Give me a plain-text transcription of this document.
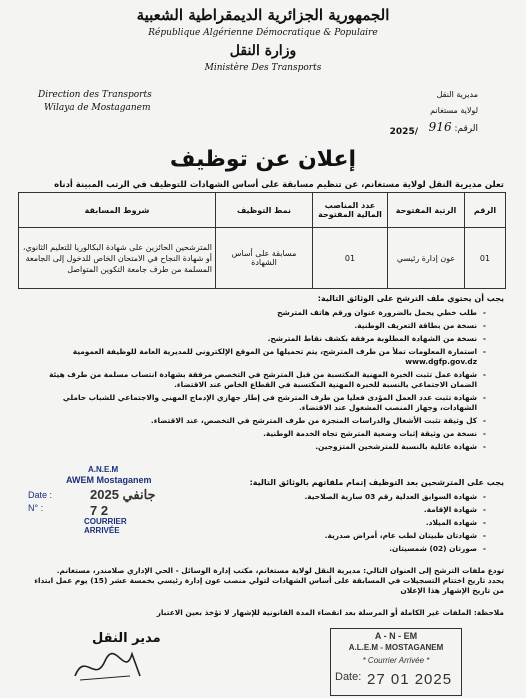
الجمهورية الجزائرية الديمقراطية الشعبية
République Algérienne Démocratique & Populaire
وزارة النقل
Ministère Des Transports
Direction des Transports
Wilaya de Mostaganem
مديرية النقل
لولاية مستغانم
الرقم: 916
2025/
إعلان عن توظيف
تعلن مديرية النقل لولاية مستغانم، عن تنظيم مسابقة على أساس الشهادات للتوظيف في الرتب المبينة أدناه
الرقم	الرتبة المفتوحة	عدد المناصب المالية المفتوحة	نمط التوظيف	شروط المسابقة
01	عون إدارة رئيسي	01	مسابقة على أساس الشهادة	المترشحين الحائزين على شهادة البكالوريا للتعليم الثانوي، أو شهادة النجاح في الامتحان الخاص للدخول إلى الجامعة المسلمة من طرف جامعة التكوين المتواصل
يجب أن يحتوي ملف الترشح على الوثائق التالية:
- طلب خطي يحمل بالضرورة عنوان ورقم هاتف المترشح
- نسخة من بطاقة التعريف الوطنية.
- نسخة من الشهادة المطلوبة مرفقة بكشف نقاط المترشح.
- استمارة المعلومات تملأ من طرف المترشح، يتم تحميلها من الموقع الإلكتروني للمديرية العامة للوظيفة العمومية www.dgfp.gov.dz
- شهادة عمل تثبت الخبرة المهنية المكتسبة من قبل المترشح في التخصص مرفقة بشهادة انتساب مسلمة من طرف هيئة الضمان الاجتماعي بالنسبة للخبرة المهنية المكتسبة في القطاع الخاص عند الاقتضاء.
- شهادة تثبت عدد العمل المؤدى فعليا من طرف المترشح في إطار جهازي الإدماج المهني والاجتماعي للشباب حاملي الشهادات، وجهاز المنصب المشغول عند الاقتضاء.
- كل وثيقة تثبت الأشغال والدراسات المنجزة من طرف المترشح في التخصص، عند الاقتضاء.
- نسخة من وثيقة إثبات وضعية المترشح تجاه الخدمة الوطنية.
- شهادة عائلية بالنسبة للمترشحين المتزوجين.
يجب على المترشحين بعد التوظيف إتمام ملفاتهم بالوثائق التالية:
- شهادة السوابق العدلية رقم 03 سارية الصلاحية.
- شهادة الإقامة.
- شهادة الميلاد.
- شهادتان طبيتان لطب عام، أمراض صدرية.
- صورتان (02) شمسيتان.
تودع ملفات الترشح إلى العنوان التالي: مديرية النقل لولاية مستغانم، مكتب إدارة الوسائل - الحي الإداري صلامندر، مستغانم.
يحدد تاريخ اختتام التسجيلات في المسابقة على أساس الشهادات لتولي منصب عون إدارة رئيسي بخمسة عشر (15) يوم عمل ابتداء من تاريخ الإشهار هذا الإعلان
ملاحظة: الملفات غير الكاملة أو المرسلة بعد انقضاء المدة القانونية للإشهار لا تؤخذ بعين الاعتبار
A.N.E.M
AWEM Mostaganem
Date :	2025 جانفي 2 7
N° :
COURRIER ARRIVÉE
مدير النقل	A - N - EM
A.L.E.M - MOSTAGANEM
* Courrier Arrivée *
Date: 27 01 2025
